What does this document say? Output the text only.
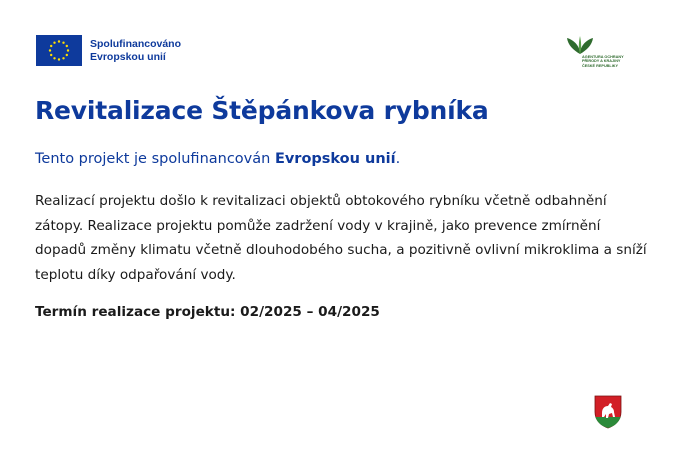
Spolufinancováno
Evropskou unií	AGENTURA OCHRANY
PŘÍRODY A KRAJINY
ČESKÉ REPUBLIKY
Revitalizace Štěpánkova rybníka

Tento projekt je spolufinancován Evropskou unií.

Realizací projektu došlo k revitalizaci objektů obtokového rybníku včetně odbahnění zátopy. Realizace projektu pomůže zadržení vody v krajině, jako prevence zmírnění dopadů změny klimatu včetně dlouhodobého sucha, a pozitivně ovlivní mikroklima a sníží teplotu díky odpařování vody.

Termín realizace projektu: 02/2025 – 04/2025
